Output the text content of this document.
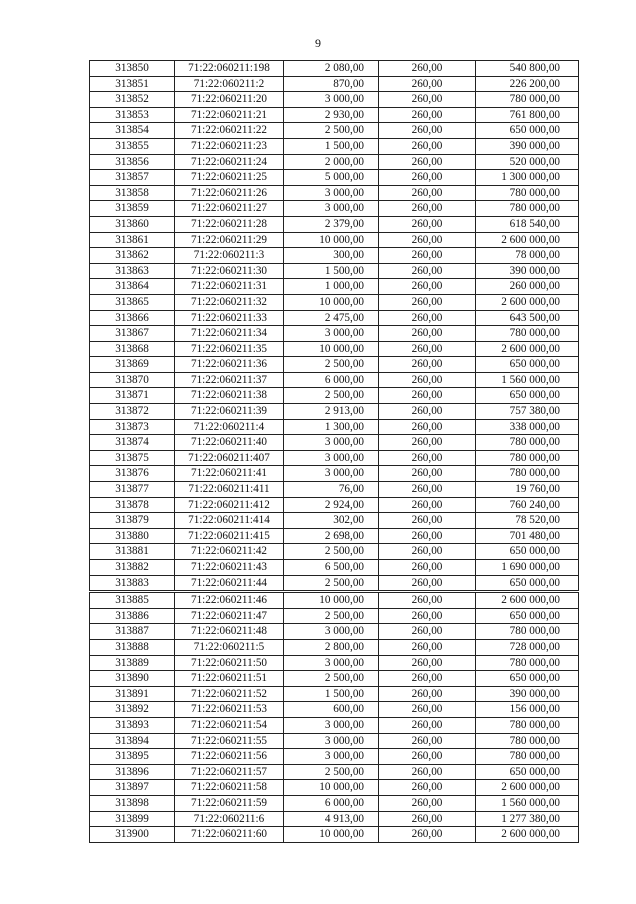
9
313850	71:22:060211:198	2 080,00	260,00	540 800,00
313851	71:22:060211:2	870,00	260,00	226 200,00
313852	71:22:060211:20	3 000,00	260,00	780 000,00
313853	71:22:060211:21	2 930,00	260,00	761 800,00
313854	71:22:060211:22	2 500,00	260,00	650 000,00
313855	71:22:060211:23	1 500,00	260,00	390 000,00
313856	71:22:060211:24	2 000,00	260,00	520 000,00
313857	71:22:060211:25	5 000,00	260,00	1 300 000,00
313858	71:22:060211:26	3 000,00	260,00	780 000,00
313859	71:22:060211:27	3 000,00	260,00	780 000,00
313860	71:22:060211:28	2 379,00	260,00	618 540,00
313861	71:22:060211:29	10 000,00	260,00	2 600 000,00
313862	71:22:060211:3	300,00	260,00	78 000,00
313863	71:22:060211:30	1 500,00	260,00	390 000,00
313864	71:22:060211:31	1 000,00	260,00	260 000,00
313865	71:22:060211:32	10 000,00	260,00	2 600 000,00
313866	71:22:060211:33	2 475,00	260,00	643 500,00
313867	71:22:060211:34	3 000,00	260,00	780 000,00
313868	71:22:060211:35	10 000,00	260,00	2 600 000,00
313869	71:22:060211:36	2 500,00	260,00	650 000,00
313870	71:22:060211:37	6 000,00	260,00	1 560 000,00
313871	71:22:060211:38	2 500,00	260,00	650 000,00
313872	71:22:060211:39	2 913,00	260,00	757 380,00
313873	71:22:060211:4	1 300,00	260,00	338 000,00
313874	71:22:060211:40	3 000,00	260,00	780 000,00
313875	71:22:060211:407	3 000,00	260,00	780 000,00
313876	71:22:060211:41	3 000,00	260,00	780 000,00
313877	71:22:060211:411	76,00	260,00	19 760,00
313878	71:22:060211:412	2 924,00	260,00	760 240,00
313879	71:22:060211:414	302,00	260,00	78 520,00
313880	71:22:060211:415	2 698,00	260,00	701 480,00
313881	71:22:060211:42	2 500,00	260,00	650 000,00
313882	71:22:060211:43	6 500,00	260,00	1 690 000,00
313883	71:22:060211:44	2 500,00	260,00	650 000,00
313885	71:22:060211:46	10 000,00	260,00	2 600 000,00
313886	71:22:060211:47	2 500,00	260,00	650 000,00
313887	71:22:060211:48	3 000,00	260,00	780 000,00
313888	71:22:060211:5	2 800,00	260,00	728 000,00
313889	71:22:060211:50	3 000,00	260,00	780 000,00
313890	71:22:060211:51	2 500,00	260,00	650 000,00
313891	71:22:060211:52	1 500,00	260,00	390 000,00
313892	71:22:060211:53	600,00	260,00	156 000,00
313893	71:22:060211:54	3 000,00	260,00	780 000,00
313894	71:22:060211:55	3 000,00	260,00	780 000,00
313895	71:22:060211:56	3 000,00	260,00	780 000,00
313896	71:22:060211:57	2 500,00	260,00	650 000,00
313897	71:22:060211:58	10 000,00	260,00	2 600 000,00
313898	71:22:060211:59	6 000,00	260,00	1 560 000,00
313899	71:22:060211:6	4 913,00	260,00	1 277 380,00
313900	71:22:060211:60	10 000,00	260,00	2 600 000,00
